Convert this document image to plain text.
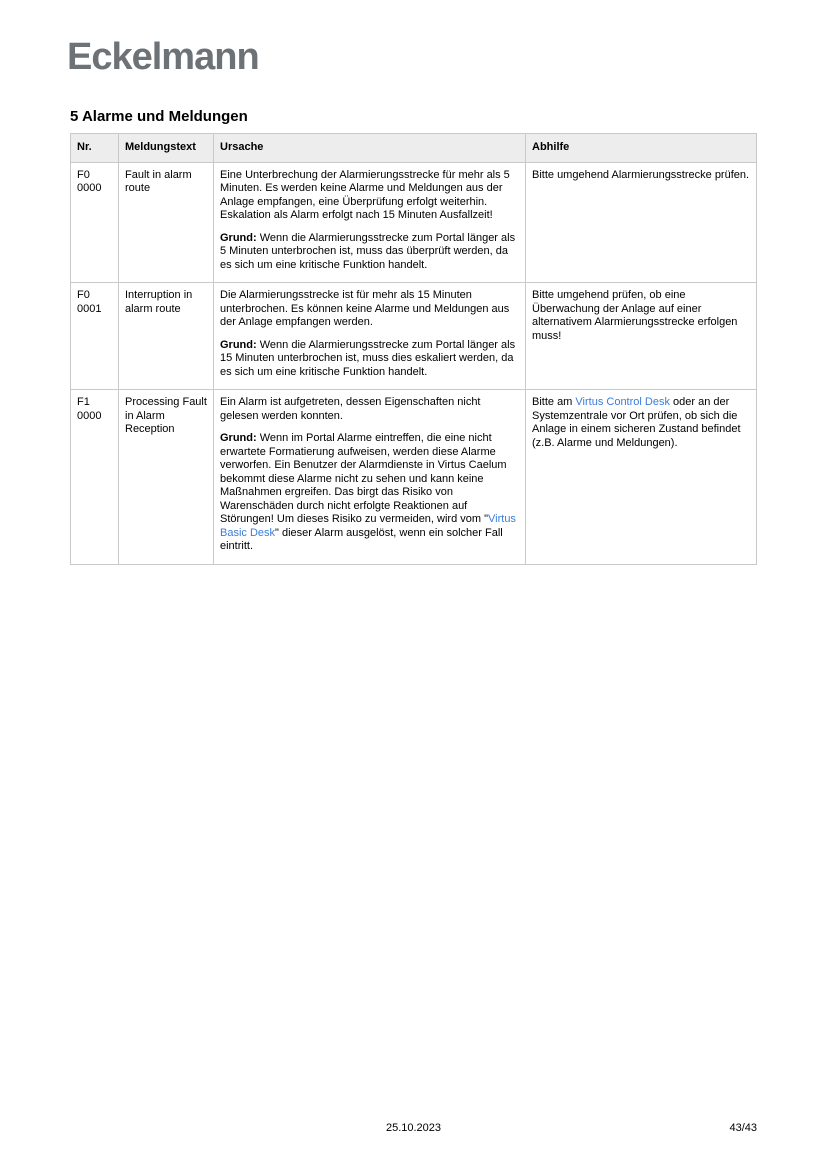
Eckelmann
5 Alarme und Meldungen
Nr.	Meldungstext	Ursache	Abhilfe
F0 0000	Fault in alarm route	Eine Unterbrechung der Alarmierungsstrecke für mehr als 5 Minuten. Es werden keine Alarme und Meldungen aus der Anlage empfangen, eine Überprüfung erfolgt weiterhin. Eskalation als Alarm erfolgt nach 15 Minuten Ausfallzeit!

Grund: Wenn die Alarmierungsstrecke zum Portal länger als 5 Minuten unterbrochen ist, muss das überprüft werden, da es sich um eine kritische Funktion handelt.	Bitte umgehend Alarmierungsstrecke prüfen.

F0 0001	Interruption in alarm route	Die Alarmierungsstrecke ist für mehr als 15 Minuten unterbrochen. Es können keine Alarme und Meldungen aus der Anlage empfangen werden.

Grund: Wenn die Alarmierungsstrecke zum Portal länger als 15 Minuten unterbrochen ist, muss dies eskaliert werden, da es sich um eine kritische Funktion handelt.	Bitte umgehend prüfen, ob eine Überwachung der Anlage auf einer alternativem Alarmierungsstrecke erfolgen muss!

F1 0000	Processing Fault in Alarm Reception	Ein Alarm ist aufgetreten, dessen Eigenschaften nicht gelesen werden konnten.

Grund: Wenn im Portal Alarme eintreffen, die eine nicht erwartete Formatierung aufweisen, werden diese Alarme verworfen. Ein Benutzer der Alarmdienste in Virtus Caelum bekommt diese Alarme nicht zu sehen und kann keine Maßnahmen ergreifen. Das birgt das Risiko von Warenschäden durch nicht erfolgte Reaktionen auf Störungen! Um dieses Risiko zu vermeiden, wird vom "Virtus Basic Desk" dieser Alarm ausgelöst, wenn ein solcher Fall eintritt.	Bitte am Virtus Control Desk oder an der Systemzentrale vor Ort prüfen, ob sich die Anlage in einem sicheren Zustand befindet (z.B. Alarme und Meldungen).

25.10.2023	43/43
